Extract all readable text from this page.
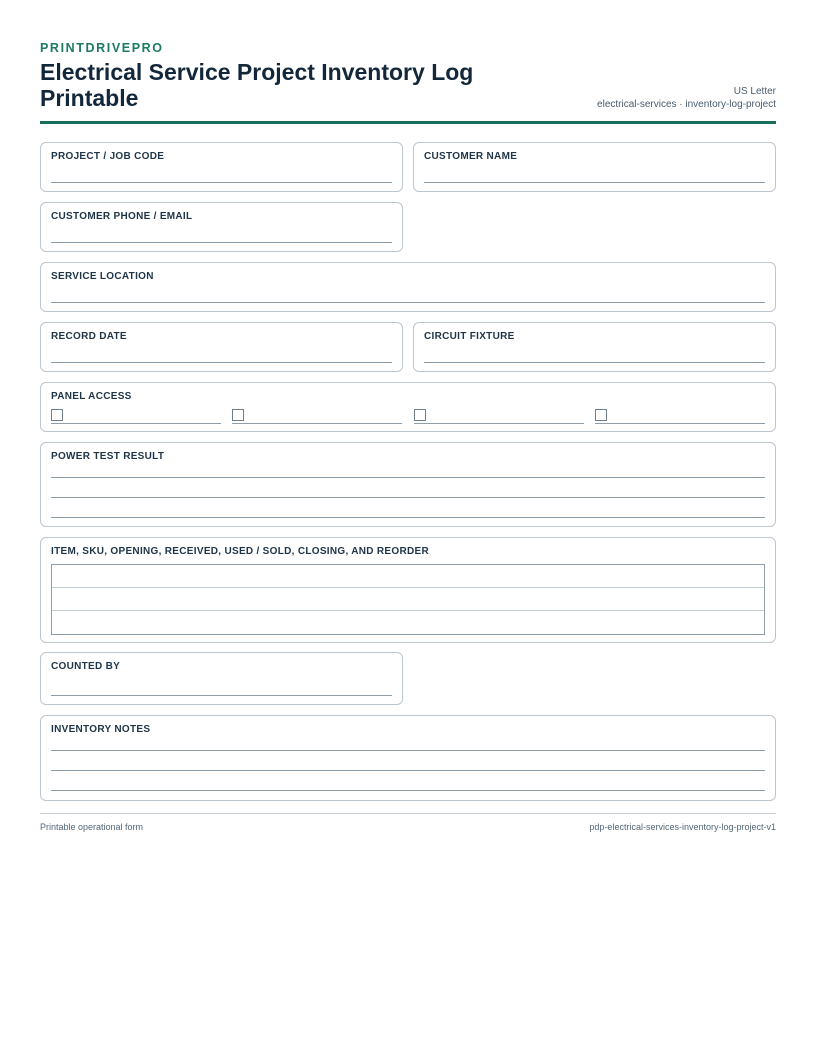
PRINTDRIVEPRO
Electrical Service Project Inventory Log Printable	US Letter
electrical-services · inventory-log-project
PROJECT / JOB CODE	CUSTOMER NAME
CUSTOMER PHONE / EMAIL
SERVICE LOCATION
RECORD DATE	CIRCUIT FIXTURE
PANEL ACCESS
POWER TEST RESULT
ITEM, SKU, OPENING, RECEIVED, USED / SOLD, CLOSING, AND REORDER
COUNTED BY
INVENTORY NOTES
Printable operational form	pdp-electrical-services-inventory-log-project-v1
